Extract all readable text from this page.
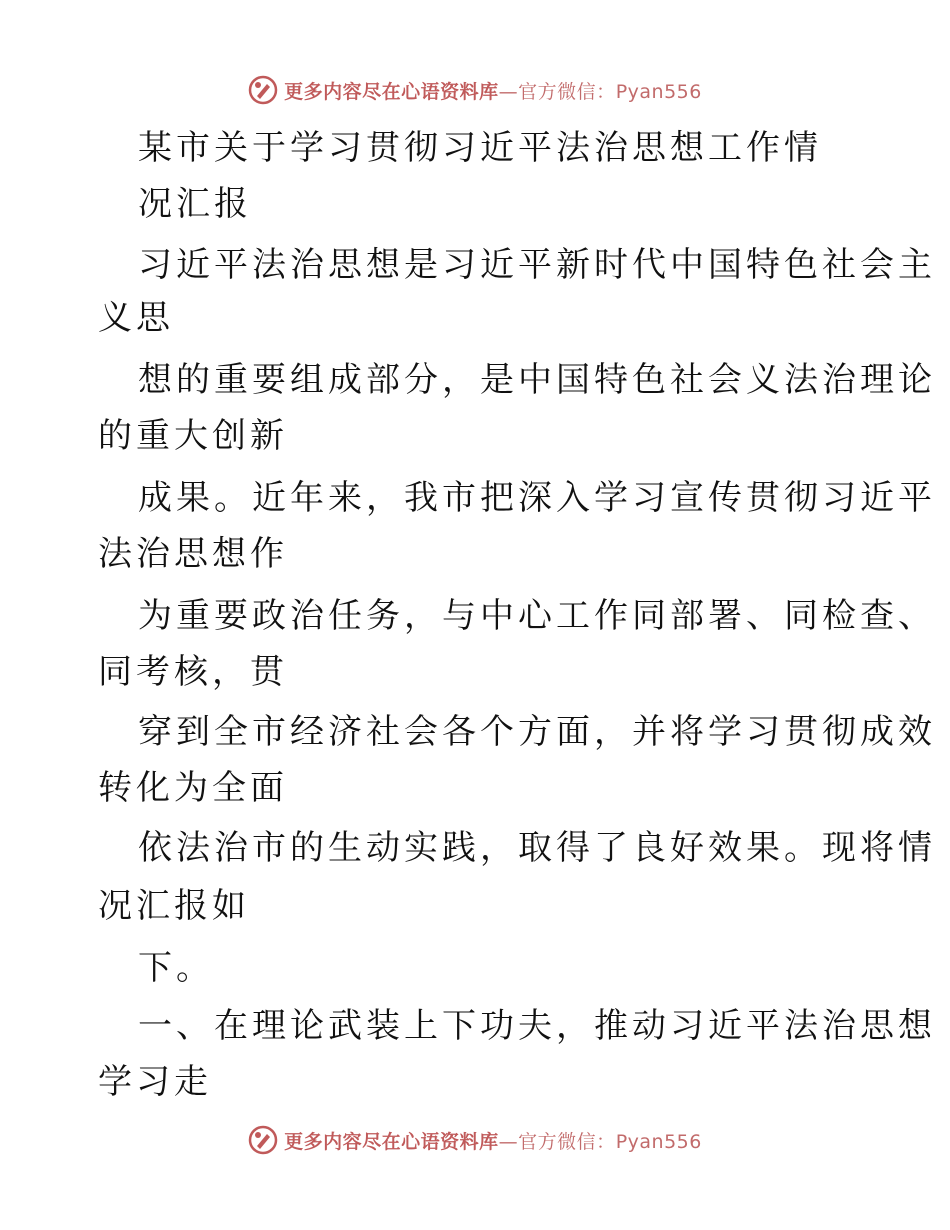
更多内容尽在心语资料库—官方微信：Pyan556
某市关于学习贯彻习近平法治思想工作情
况汇报
习近平法治思想是习近平新时代中国特色社会主
义思
想的重要组成部分，是中国特色社会义法治理论
的重大创新
成果。近年来，我市把深入学习宣传贯彻习近平
法治思想作
为重要政治任务，与中心工作同部署、同检查、
同考核，贯
穿到全市经济社会各个方面，并将学习贯彻成效
转化为全面
依法治市的生动实践，取得了良好效果。现将情
况汇报如
下。
一、在理论武装上下功夫，推动习近平法治思想
学习走
更多内容尽在心语资料库—官方微信：Pyan556
